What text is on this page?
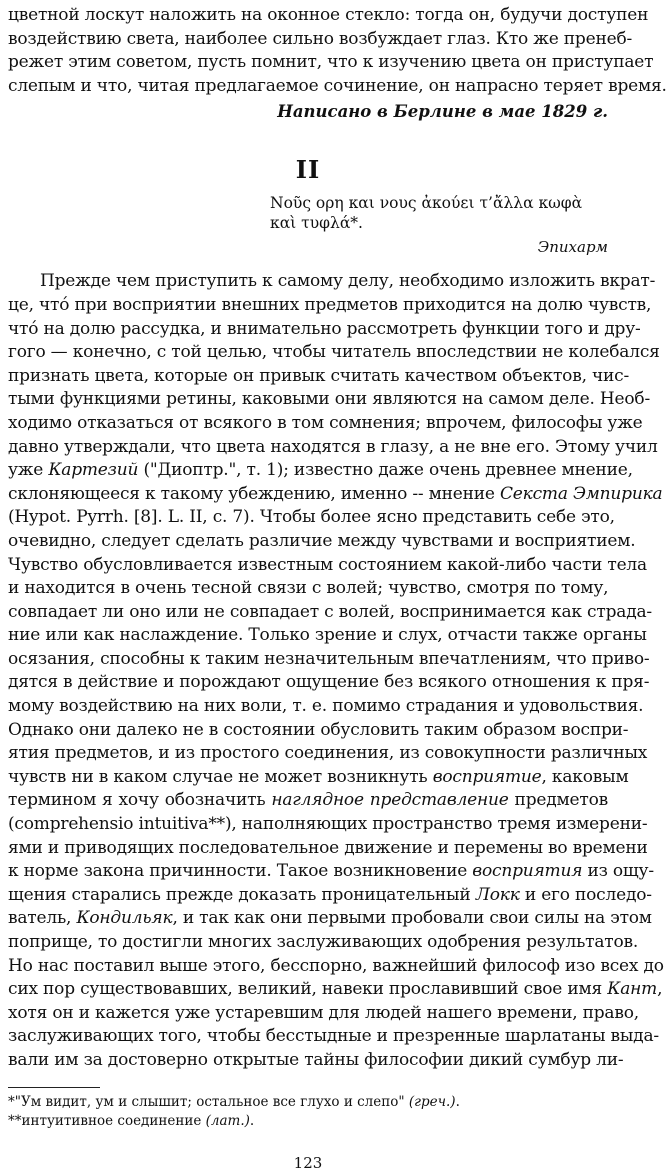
цветной лоскут наложить на оконное стекло: тогда он, будучи доступен
воздействию света, наиболее сильно возбуждает глаз. Кто же пренеб-
режет этим советом, пусть помнит, что к изучению цвета он приступает
слепым и что, читая предлагаемое сочинение, он напрасно теряет время.
Написано в Берлине в мае 1829 г.
II
Νοῦς ορη και νους ἀκούει τ’ἄλλα κωφὰ
καὶ τυφλά*.
Эпихарм
Прежде чем приступить к самому делу, необходимо изложить вкрат-
це, чтó при восприятии внешних предметов приходится на долю чувств,
чтó на долю рассудка, и внимательно рассмотреть функции того и дру-
гого — конечно, с той целью, чтобы читатель впоследствии не колебался
признать цвета, которые он привык считать качеством объектов, чис-
тыми функциями ретины, каковыми они являются на самом деле. Необ-
ходимо отказаться от всякого в том сомнения; впрочем, философы уже
давно утверждали, что цвета находятся в глазу, а не вне его. Этому учил
уже Картезий ("Диоптр.", т. 1); известно даже очень древнее мнение,
склоняющееся к такому убеждению, именно -- мнение Секста Эмпирика
(Hypot. Pyrrh. [8]. L. II, c. 7). Чтобы более ясно представить себе это,
очевидно, следует сделать различие между чувствами и восприятием.
Чувство обусловливается известным состоянием какой-либо части тела
и находится в очень тесной связи с волей; чувство, смотря по тому,
совпадает ли оно или не совпадает с волей, воспринимается как страда-
ние или как наслаждение. Только зрение и слух, отчасти также органы
осязания, способны к таким незначительным впечатлениям, что приво-
дятся в действие и порождают ощущение без всякого отношения к пря-
мому воздействию на них воли, т. е. помимо страдания и удовольствия.
Однако они далеко не в состоянии обусловить таким образом воспри-
ятия предметов, и из простого соединения, из совокупности различных
чувств ни в каком случае не может возникнуть восприятие, каковым
термином я хочу обозначить наглядное представление предметов
(comprehensio intuitiva**), наполняющих пространство тремя измерени-
ями и приводящих последовательное движение и перемены во времени
к норме закона причинности. Такое возникновение восприятия из ощу-
щения старались прежде доказать проницательный Локк и его последо-
ватель, Кондильяк, и так как они первыми пробовали свои силы на этом
поприще, то достигли многих заслуживающих одобрения результатов.
Но нас поставил выше этого, бесспорно, важнейший философ изо всех до
сих пор существовавших, великий, навеки прославивший свое имя Кант,
хотя он и кажется уже устаревшим для людей нашего времени, право,
заслуживающих того, чтобы бесстыдные и презренные шарлатаны выда-
вали им за достоверно открытые тайны философии дикий сумбур ли-
*"Ум видит, ум и слышит; остальное все глухо и слепо" (греч.).
**интуитивное соединение (лат.).
123
